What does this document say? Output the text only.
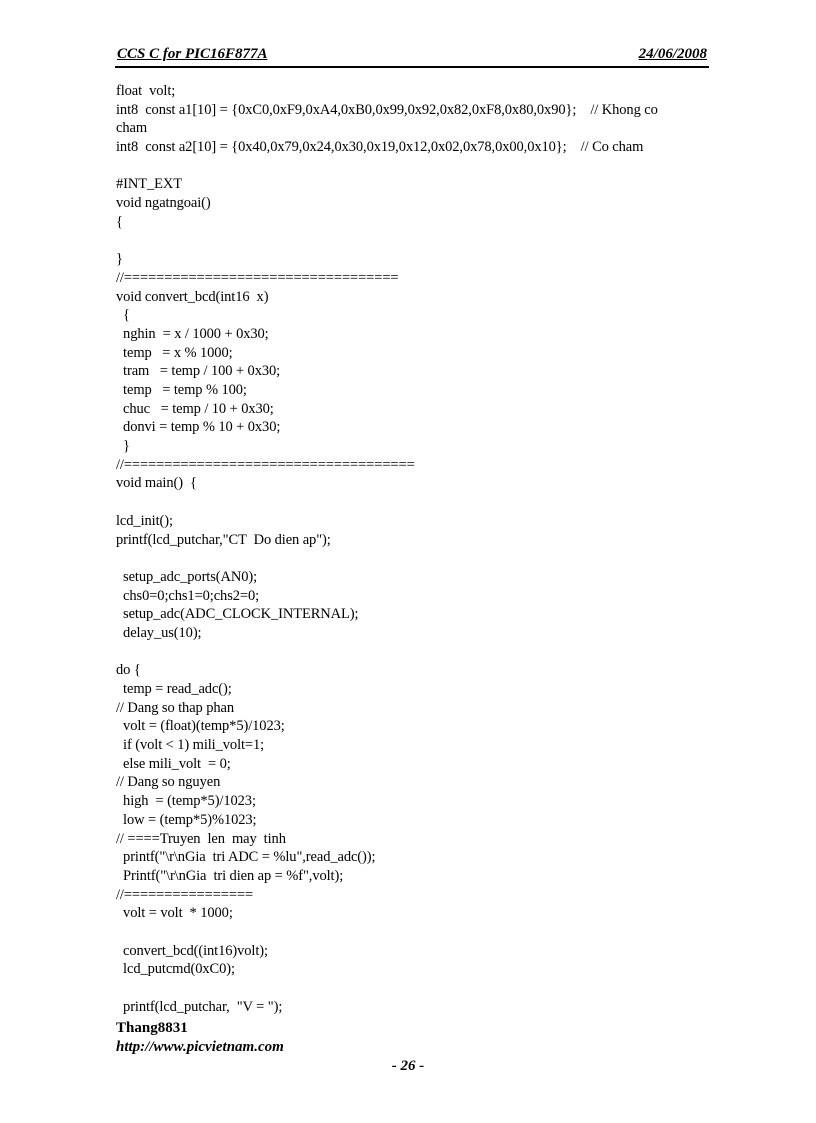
CCS C for PIC16F877A	24/06/2008
float  volt;
int8  const a1[10] = {0xC0,0xF9,0xA4,0xB0,0x99,0x92,0x82,0xF8,0x80,0x90};    // Khong co
cham
int8  const a2[10] = {0x40,0x79,0x24,0x30,0x19,0x12,0x02,0x78,0x00,0x10};    // Co cham

#INT_EXT
void ngatngoai()
{

}
//==================================
void convert_bcd(int16  x)
{
nghin  = x / 1000 + 0x30;
temp   = x % 1000;
tram   = temp / 100 + 0x30;
temp   = temp % 100;
chuc   = temp / 10 + 0x30;
donvi = temp % 10 + 0x30;
}
//====================================
void main()  {

lcd_init();
printf(lcd_putchar,"CT  Do dien ap");

setup_adc_ports(AN0);
chs0=0;chs1=0;chs2=0;
setup_adc(ADC_CLOCK_INTERNAL);
delay_us(10);

do {
temp = read_adc();
// Dang so thap phan
volt = (float)(temp*5)/1023;
if (volt < 1) mili_volt=1;
else mili_volt  = 0;
// Dang so nguyen
high  = (temp*5)/1023;
low = (temp*5)%1023;
// ====Truyen  len  may  tinh
printf("\r\nGia  tri ADC = %lu",read_adc());
Printf("\r\nGia  tri dien ap = %f",volt);
//================
volt = volt  * 1000;

convert_bcd((int16)volt);
lcd_putcmd(0xC0);

printf(lcd_putchar,  "V = ");
Thang8831
http://www.picvietnam.com
- 26 -
